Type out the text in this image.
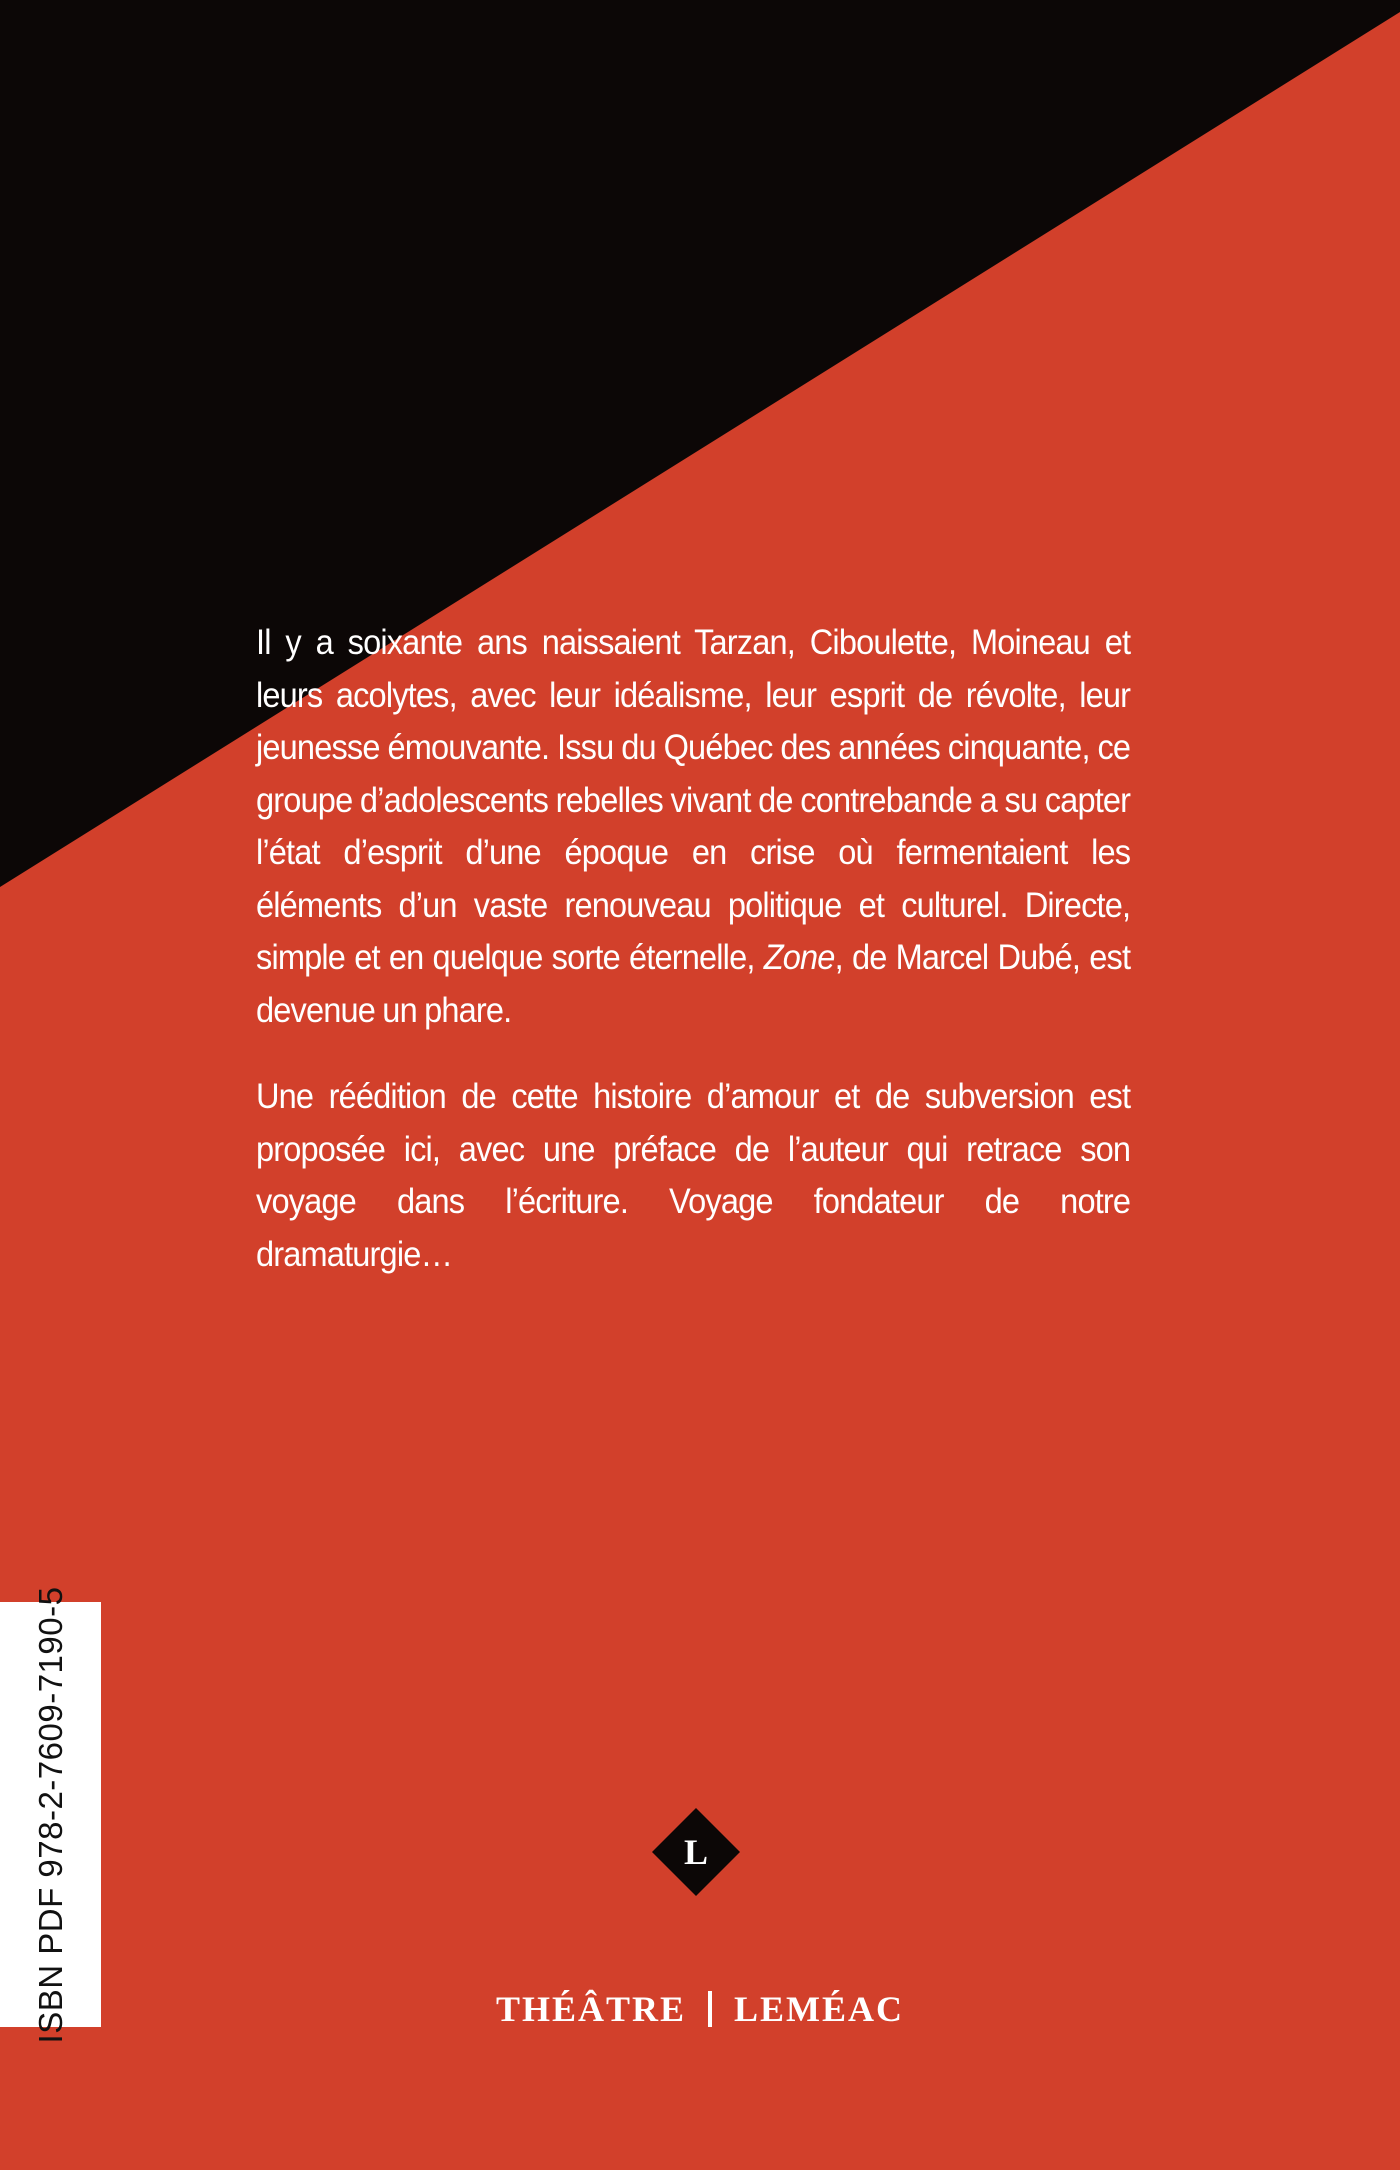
Il y a soixante ans naissaient Tarzan, Ciboulette, Moineau et leurs acolytes, avec leur idéalisme, leur esprit de révolte, leur jeunesse émouvante. Issu du Québec des années cinquante, ce groupe d’adolescents rebelles vivant de contrebande a su capter l’état d’esprit d’une époque en crise où fermentaient les éléments d’un vaste renouveau politique et culturel. Directe, simple et en quelque sorte éternelle, Zone, de Marcel Dubé, est devenue un phare.

Une réédition de cette histoire d’amour et de subversion est proposée ici, avec une préface de l’auteur qui retrace son voyage dans l’écriture. Voyage fondateur de notre dramaturgie…

ISBN PDF 978-2-7609-7190-5	L
THÉÂTRE LEMÉAC
